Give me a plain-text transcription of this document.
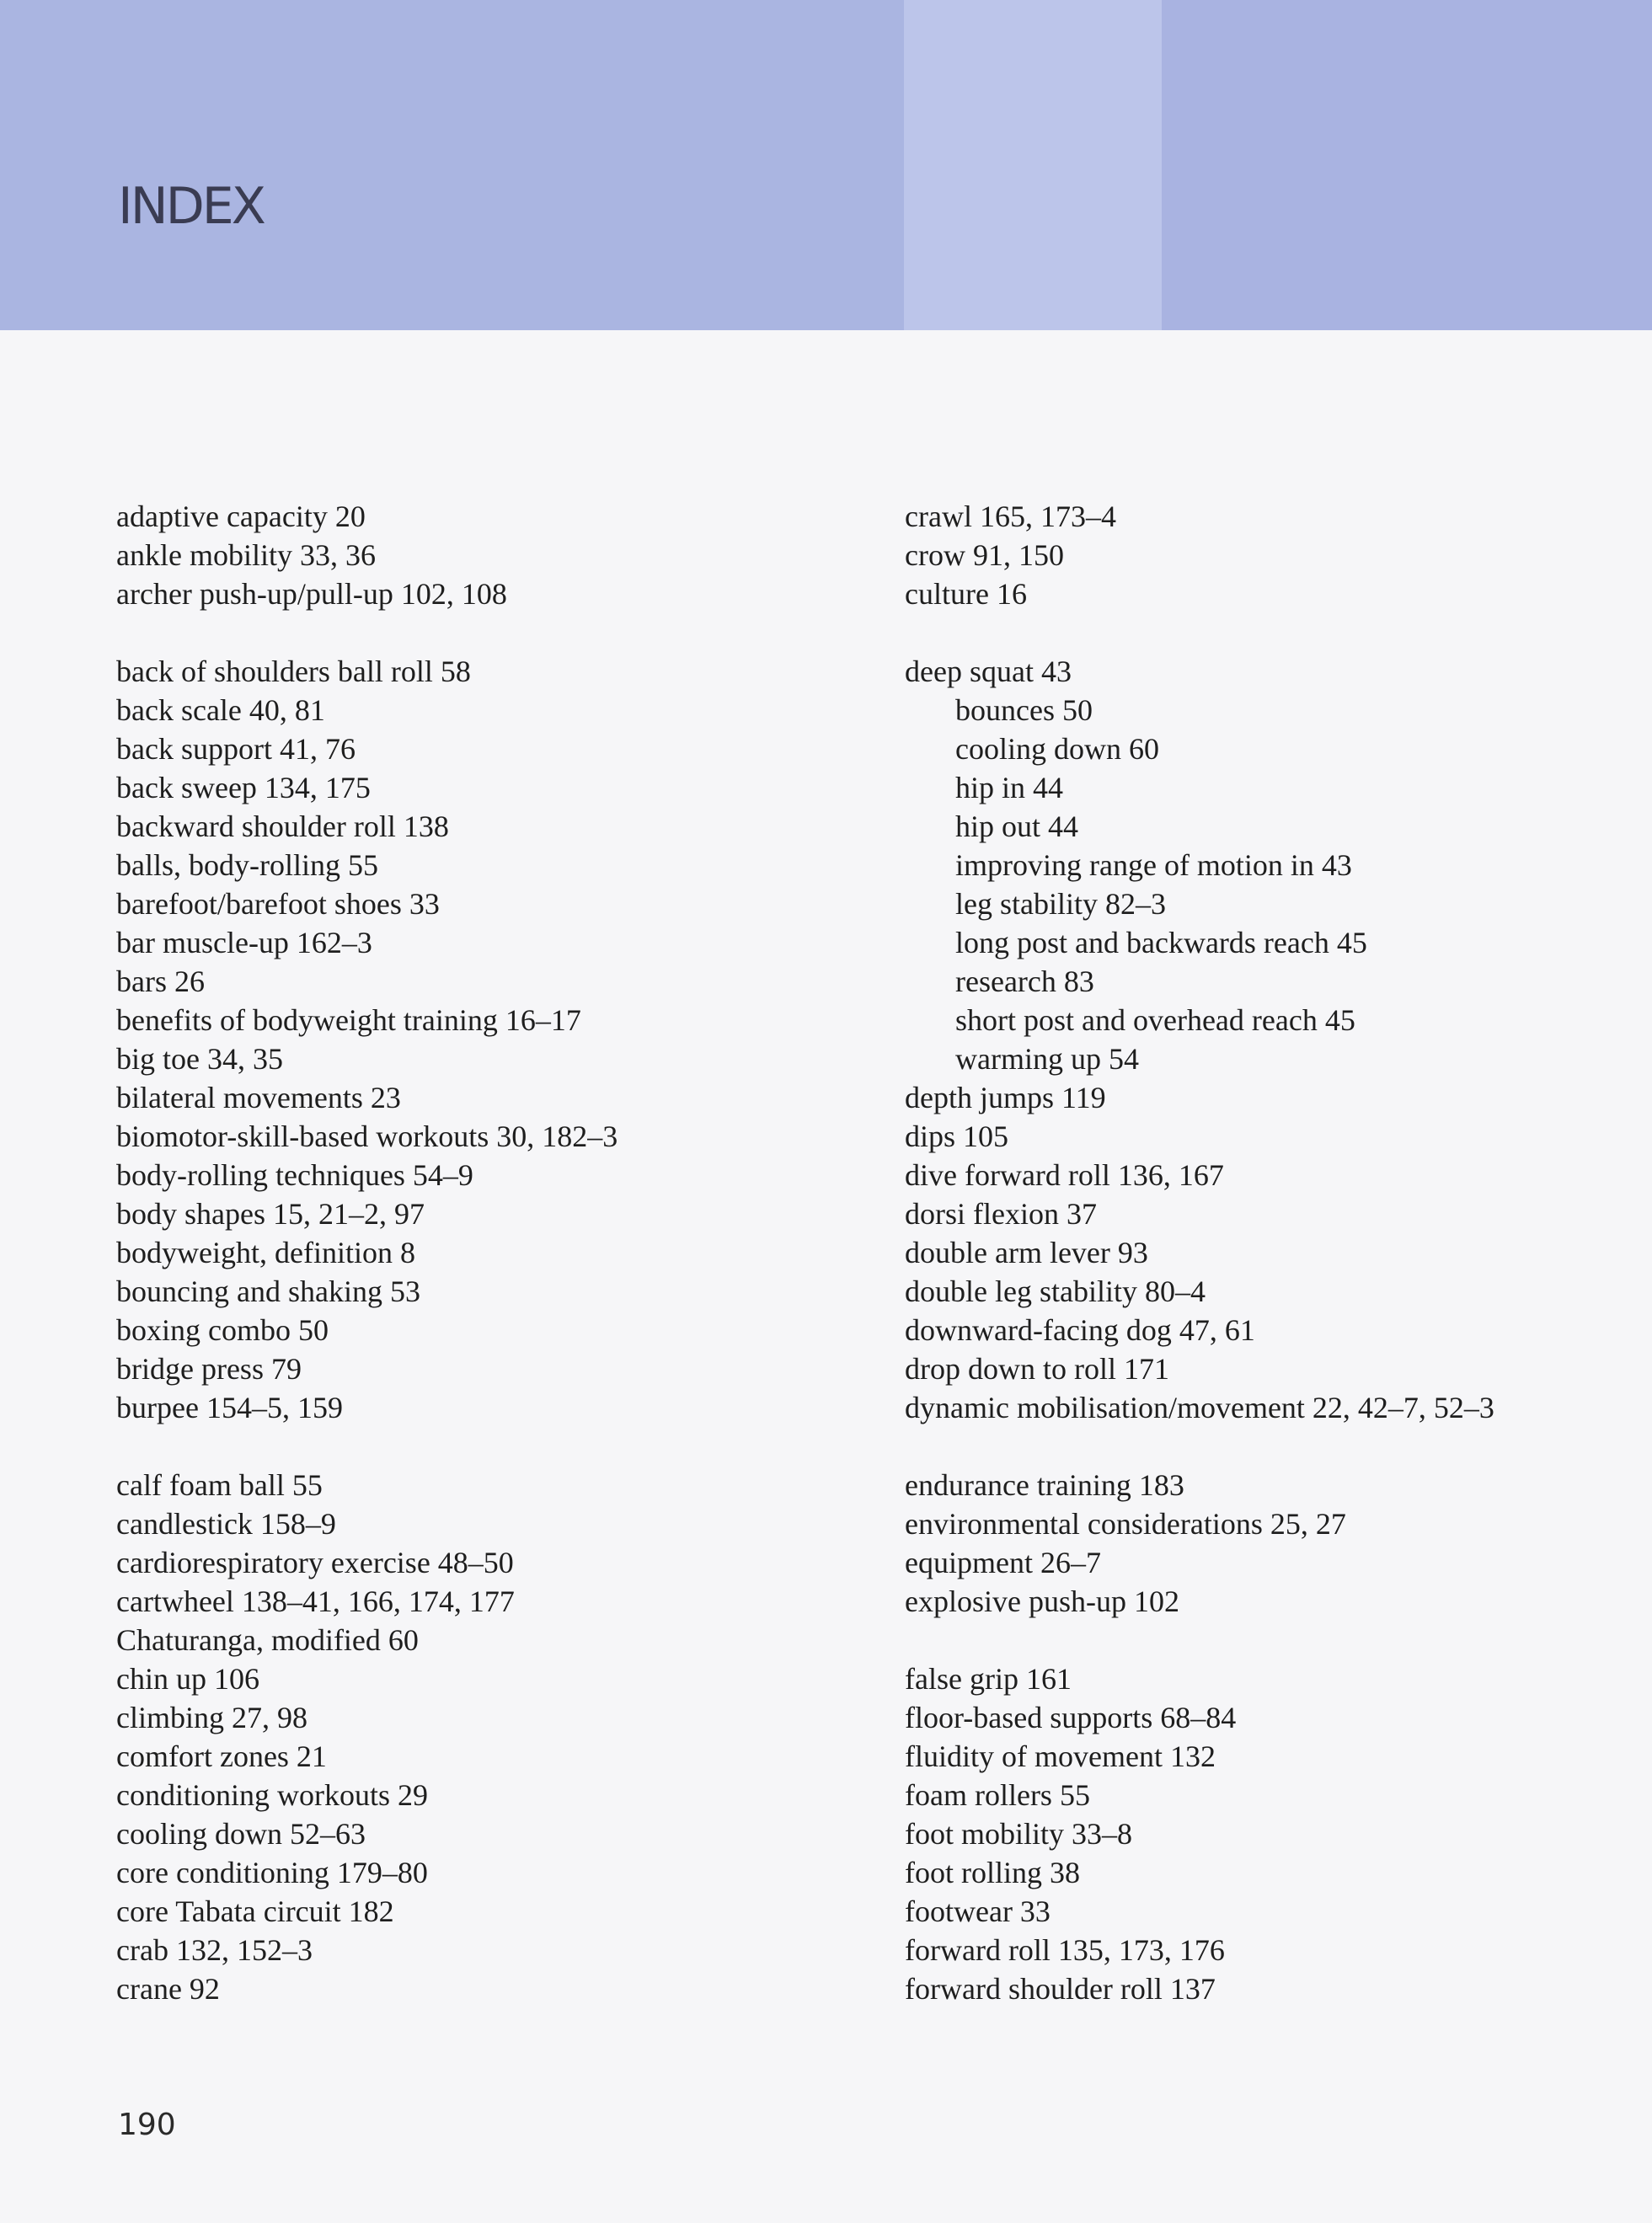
INDEX
adaptive capacity 20
ankle mobility 33, 36
archer push-up/pull-up 102, 108
back of shoulders ball roll 58
back scale 40, 81
back support 41, 76
back sweep 134, 175
backward shoulder roll 138
balls, body-rolling 55
barefoot/barefoot shoes 33
bar muscle-up 162–3
bars 26
benefits of bodyweight training 16–17
big toe 34, 35
bilateral movements 23
biomotor-skill-based workouts 30, 182–3
body-rolling techniques 54–9
body shapes 15, 21–2, 97
bodyweight, definition 8
bouncing and shaking 53
boxing combo 50
bridge press 79
burpee 154–5, 159
calf foam ball 55
candlestick 158–9
cardiorespiratory exercise 48–50
cartwheel 138–41, 166, 174, 177
Chaturanga, modified 60
chin up 106
climbing 27, 98
comfort zones 21
conditioning workouts 29
cooling down 52–63
core conditioning 179–80
core Tabata circuit 182
crab 132, 152–3
crane 92
crawl 165, 173–4
crow 91, 150
culture 16
deep squat 43
bounces 50
cooling down 60
hip in 44
hip out 44
improving range of motion in 43
leg stability 82–3
long post and backwards reach 45
research 83
short post and overhead reach 45
warming up 54
depth jumps 119
dips 105
dive forward roll 136, 167
dorsi flexion 37
double arm lever 93
double leg stability 80–4
downward-facing dog 47, 61
drop down to roll 171
dynamic mobilisation/movement 22, 42–7, 52–3
endurance training 183
environmental considerations 25, 27
equipment 26–7
explosive push-up 102
false grip 161
floor-based supports 68–84
fluidity of movement 132
foam rollers 55
foot mobility 33–8
foot rolling 38
footwear 33
forward roll 135, 173, 176
forward shoulder roll 137
190
